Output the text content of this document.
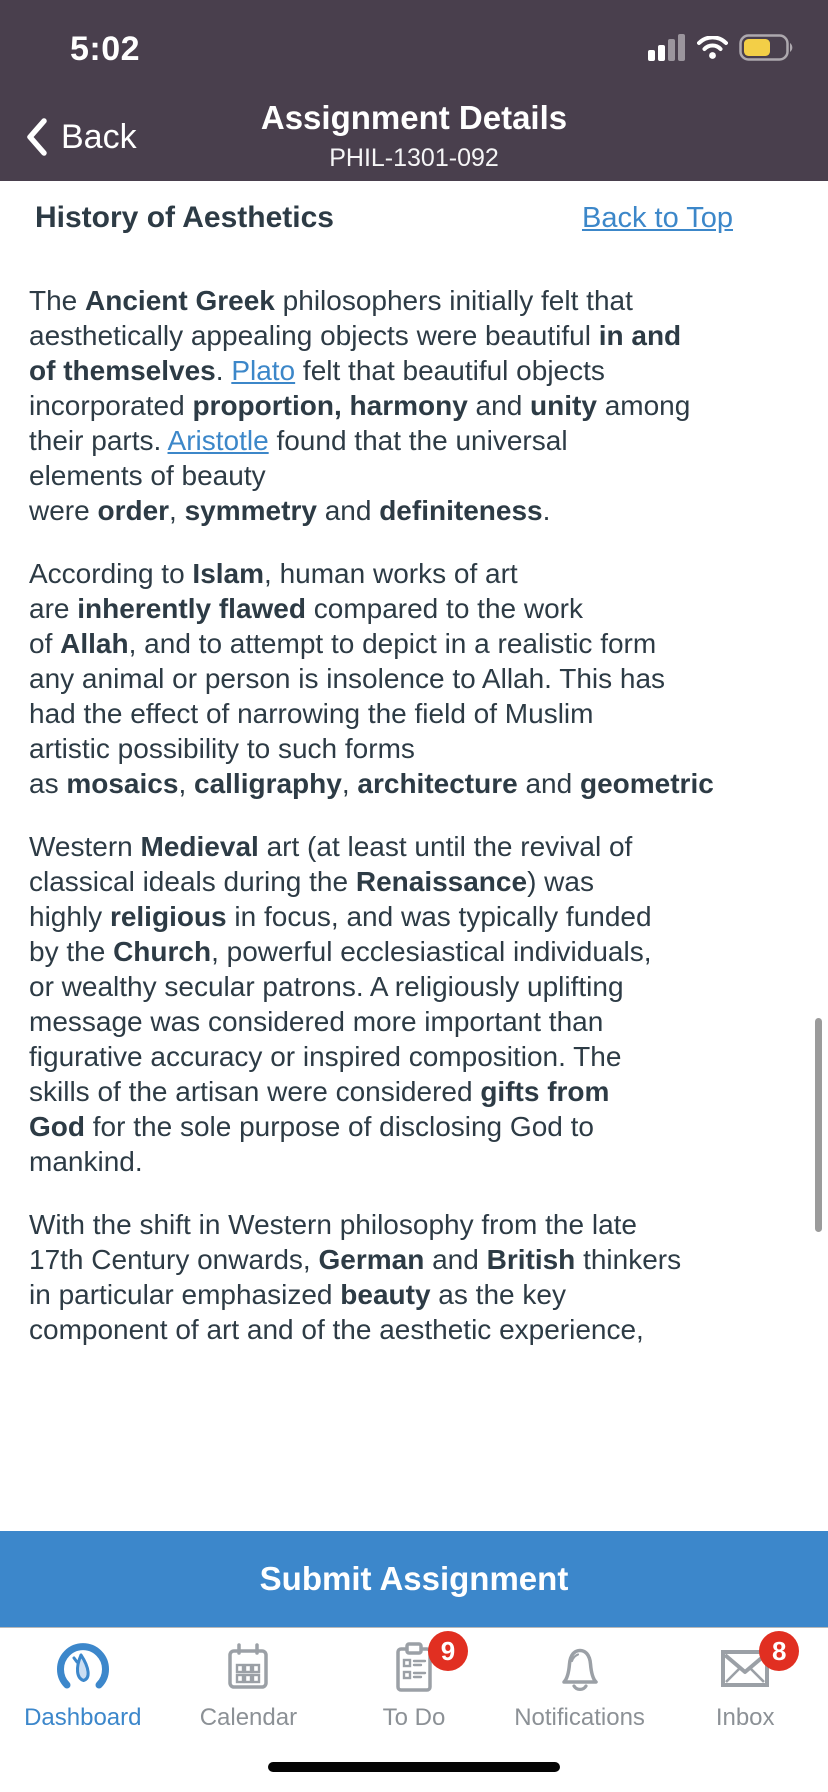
5:02
Back	Assignment Details
PHIL-1301-092
History of Aesthetics	Back to Top

The Ancient Greek philosophers initially felt that
aesthetically appealing objects were beautiful in and
of themselves. Plato felt that beautiful objects
incorporated proportion, harmony and unity among
their parts. Aristotle found that the universal
elements of beauty
were order, symmetry and definiteness.

According to Islam, human works of art
are inherently flawed compared to the work
of Allah, and to attempt to depict in a realistic form
any animal or person is insolence to Allah. This has
had the effect of narrowing the field of Muslim
artistic possibility to such forms
as mosaics, calligraphy, architecture and geometric

Western Medieval art (at least until the revival of
classical ideals during the Renaissance) was
highly religious in focus, and was typically funded
by the Church, powerful ecclesiastical individuals,
or wealthy secular patrons. A religiously uplifting
message was considered more important than
figurative accuracy or inspired composition. The
skills of the artisan were considered gifts from
God for the sole purpose of disclosing God to
mankind.

With the shift in Western philosophy from the late
17th Century onwards, German and British thinkers
in particular emphasized beauty as the key
component of art and of the aesthetic experience,

Submit Assignment
Dashboard Calendar
9
To Do	Notifications
8
Inbox
